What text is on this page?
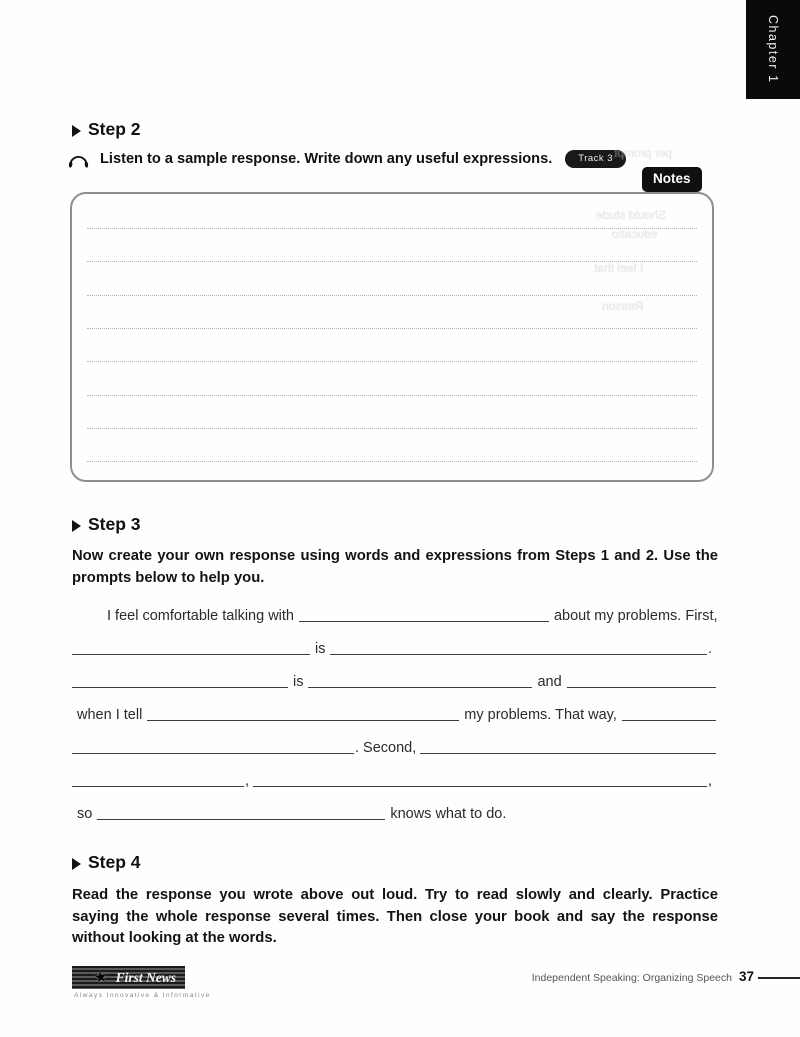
Chapter 1
Step 2
Listen to a sample response. Write down any useful expressions.	Track 3
Notes
Step 3
Now create your own response using words and expressions from Steps 1 and 2. Use the prompts below to help you.
I feel comfortable talking with	about my problems. First,
is	.
is	and
when I tell	my problems. That way,
. Second,
,	,
so	knows what to do.
Step 4
Read the response you wrote above out loud. Try to read slowly and clearly. Practice saying the whole response several times. Then close your book and say the response without looking at the words.
★ First News
Always Innovative & Informative
Independent Speaking: Organizing Speech 37
per prompt
Should stude
educatio
I feel that
Reason
